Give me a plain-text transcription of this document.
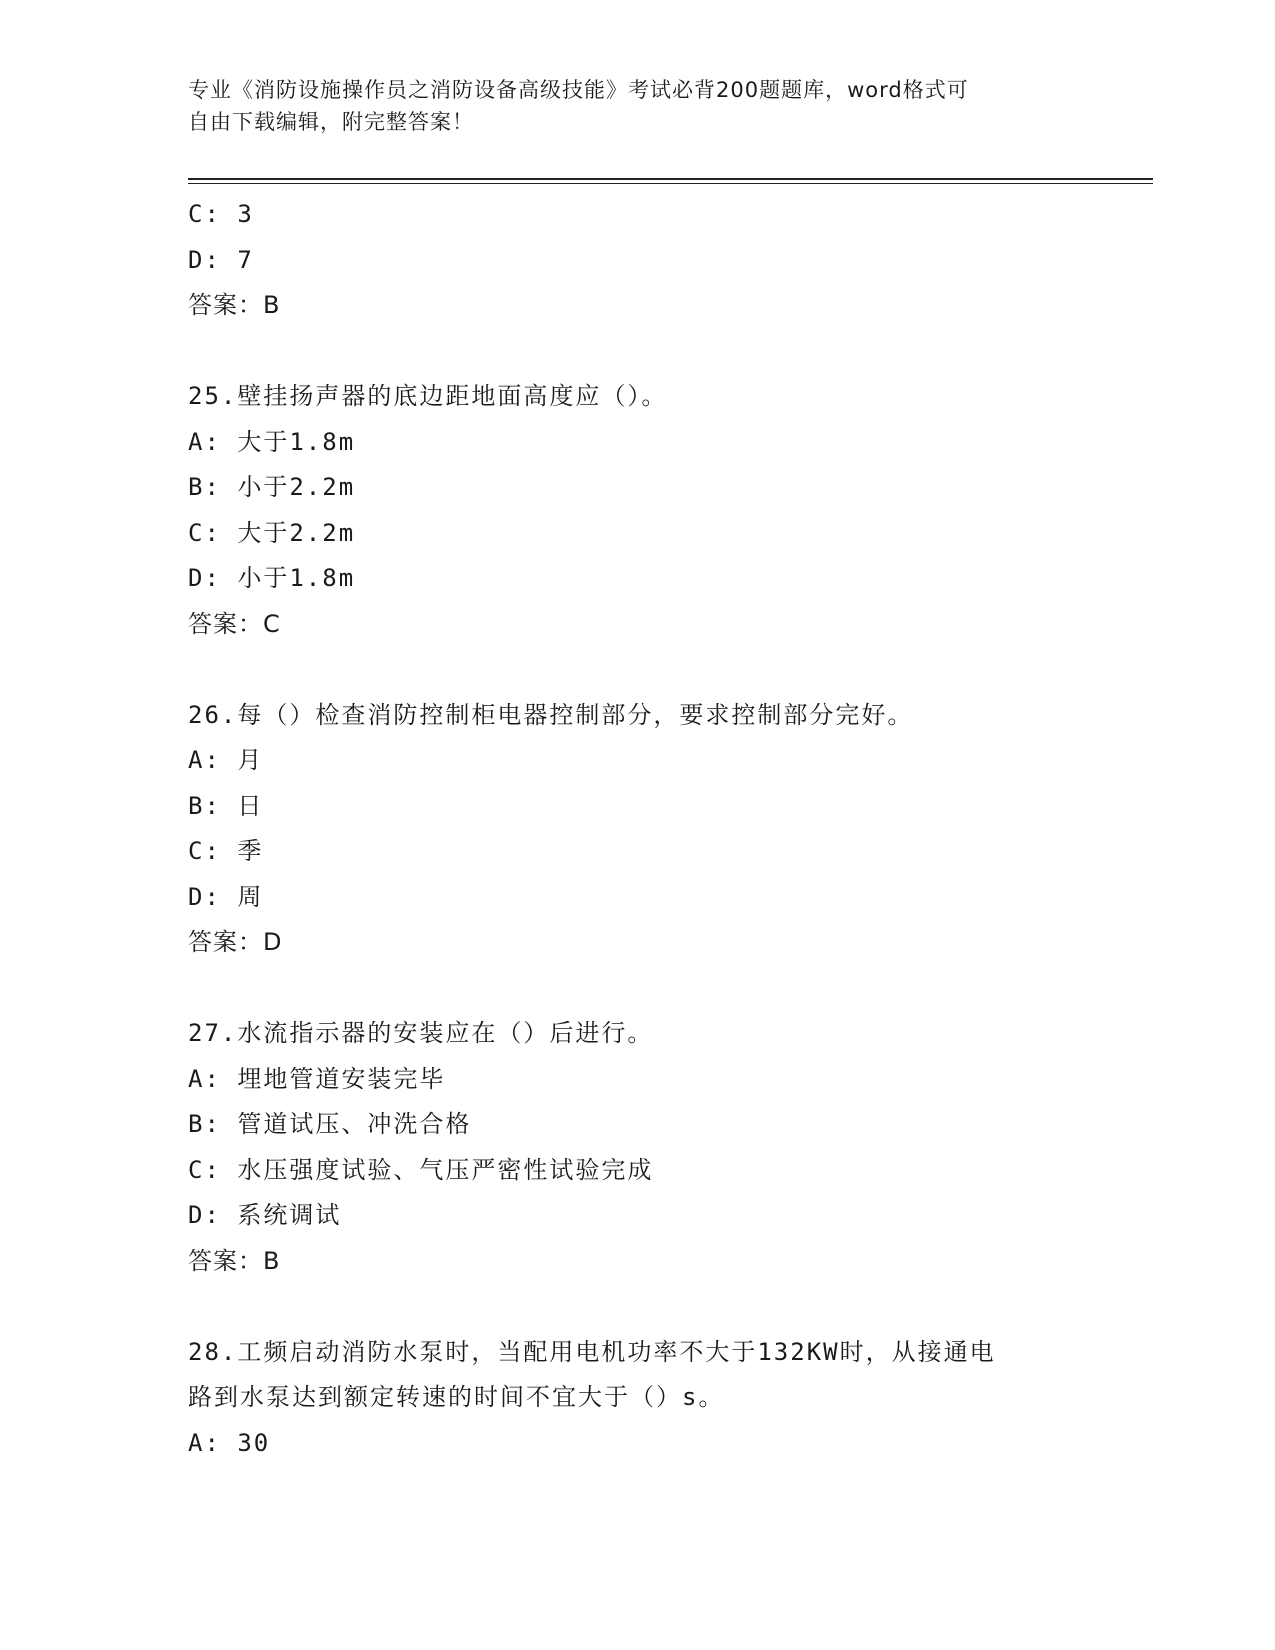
专业《消防设施操作员之消防设备高级技能》考试必背200题题库，word格式可
自由下载编辑，附完整答案！
C: 3
D: 7
答案：B
25.壁挂扬声器的底边距地面高度应（）。
A: 大于1.8m
B: 小于2.2m
C: 大于2.2m
D: 小于1.8m
答案：C
26.每（）检查消防控制柜电器控制部分，要求控制部分完好。
A: 月
B: 日
C: 季
D: 周
答案：D
27.水流指示器的安装应在（）后进行。
A: 埋地管道安装完毕
B: 管道试压、冲洗合格
C: 水压强度试验、气压严密性试验完成
D: 系统调试
答案：B
28.工频启动消防水泵时，当配用电机功率不大于132KW时，从接通电
路到水泵达到额定转速的时间不宜大于（）s。
A: 30
